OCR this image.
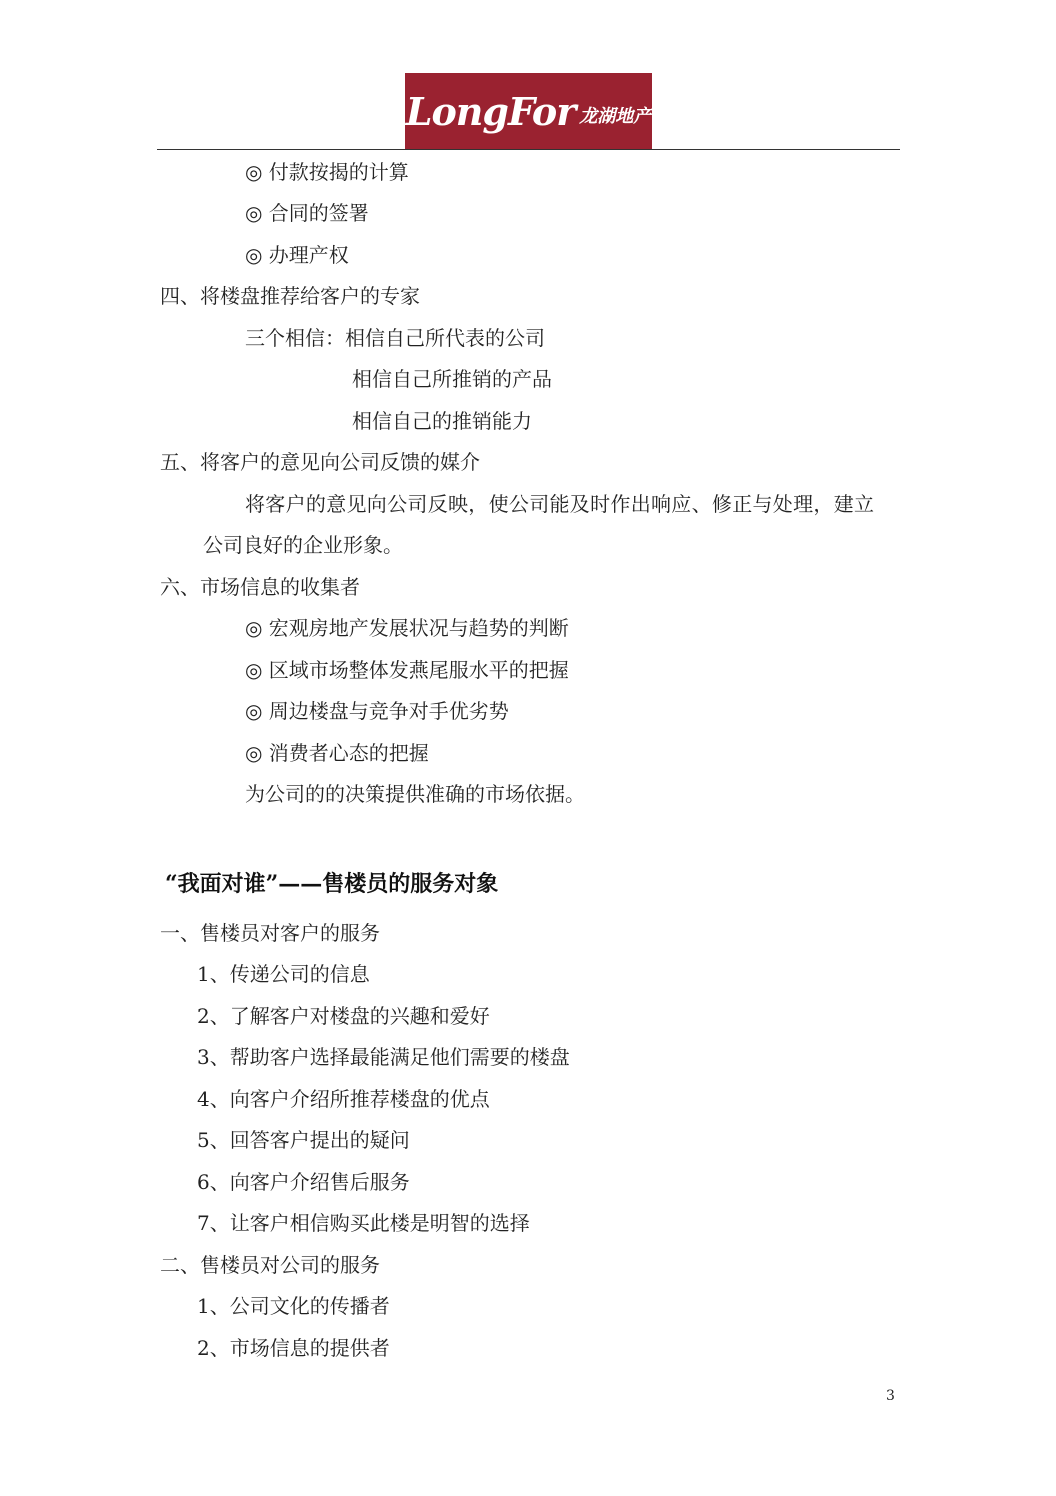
LongFor 龙湖地产
◎ 付款按揭的计算
◎ 合同的签署
◎ 办理产权
四、将楼盘推荐给客户的专家
三个相信：相信自己所代表的公司
相信自己所推销的产品
相信自己的推销能力
五、将客户的意见向公司反馈的媒介
将客户的意见向公司反映，使公司能及时作出响应、修正与处理，建立
公司良好的企业形象。
六、市场信息的收集者
◎ 宏观房地产发展状况与趋势的判断
◎ 区域市场整体发燕尾服水平的把握
◎ 周边楼盘与竞争对手优劣势
◎ 消费者心态的把握
为公司的的决策提供准确的市场依据。
“我面对谁”——售楼员的服务对象
一、售楼员对客户的服务
1、传递公司的信息
2、了解客户对楼盘的兴趣和爱好
3、帮助客户选择最能满足他们需要的楼盘
4、向客户介绍所推荐楼盘的优点
5、回答客户提出的疑问
6、向客户介绍售后服务
7、让客户相信购买此楼是明智的选择
二、售楼员对公司的服务
1、公司文化的传播者
2、市场信息的提供者
3
